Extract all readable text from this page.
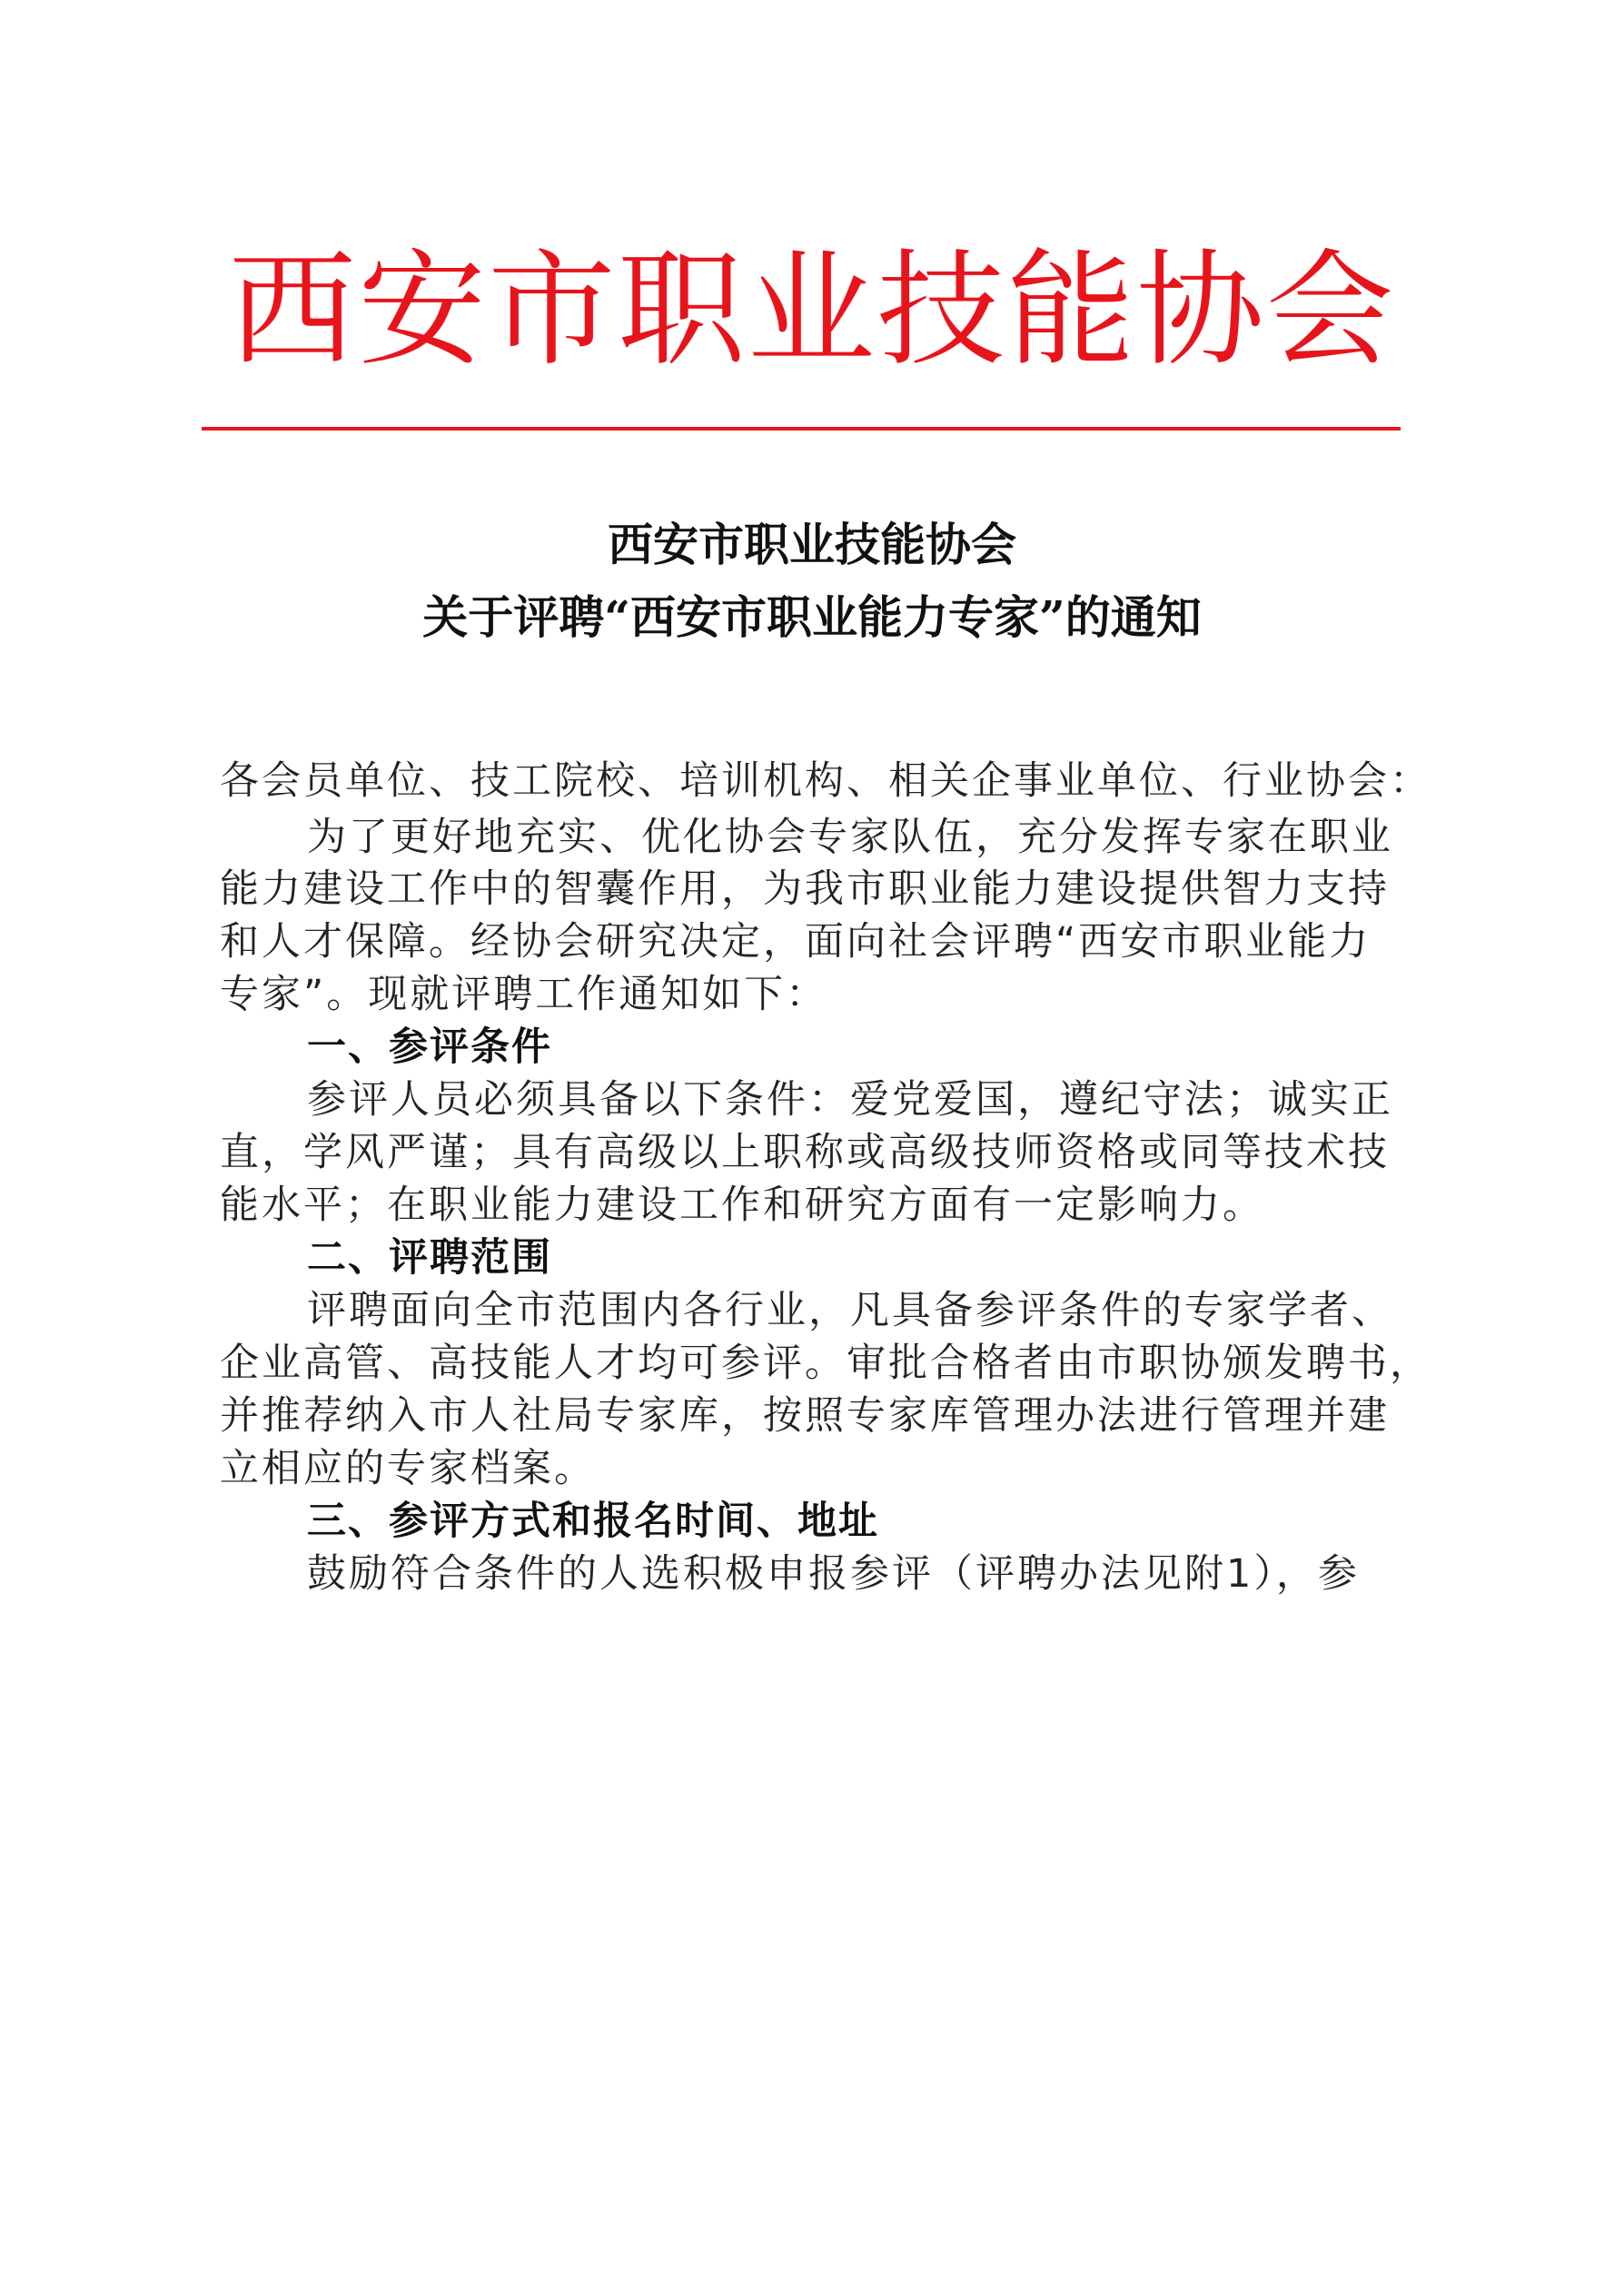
西安市职业技能协会
西安市职业技能协会
关于评聘“西安市职业能力专家”的通知
各会员单位、技工院校、培训机构、相关企事业单位、行业协会：
为了更好地充实、优化协会专家队伍，充分发挥专家在职业
能力建设工作中的智囊作用，为我市职业能力建设提供智力支持
和人才保障。经协会研究决定，面向社会评聘“西安市职业能力
专家”。现就评聘工作通知如下：
一、参评条件
参评人员必须具备以下条件：爱党爱国，遵纪守法；诚实正
直，学风严谨；具有高级以上职称或高级技师资格或同等技术技
能水平；在职业能力建设工作和研究方面有一定影响力。
二、评聘范围
评聘面向全市范围内各行业，凡具备参评条件的专家学者、
企业高管、高技能人才均可参评。审批合格者由市职协颁发聘书，
并推荐纳入市人社局专家库，按照专家库管理办法进行管理并建
立相应的专家档案。
三、参评方式和报名时间、地址
鼓励符合条件的人选积极申报参评（评聘办法见附1），参
